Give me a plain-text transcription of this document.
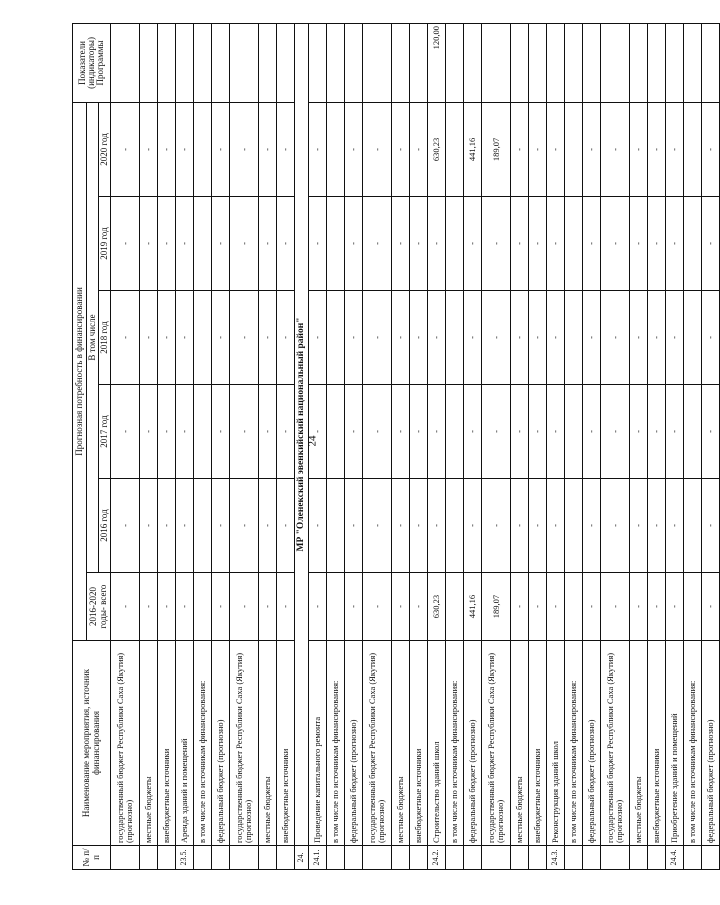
24
№ п/п	Наименование мероприятия, источник финансирования	Прогнозная потребность в финансировании						Показатели (индикаторы) Программы

		2016-2020 годы- всего	В том числе					
			2016 год	2017 год	2018 год	2019 год	2020 год	
	государственный бюджет Республики Саха (Якутия) (прогнозно)	-	-	-	-	-	-	
	местные бюджеты	-	-	-	-	-	-	
	внебюджетные источники	-	-	-	-	-	-	
23.5.	Аренда зданий и помещений	-	-	-	-	-	-	
	в том числе по источникам финансирования:							
	федеральный бюджет (прогнозно)	-	-	-	-	-	-	
	государственный бюджет Республики Саха (Якутия) (прогнозно)	-	-	-	-	-	-	
	местные бюджеты	-	-	-	-	-	-	
	внебюджетные источники	-	-	-	-	-	-	
24.	МР "Оленекский эвенкийский национальный район"							
24.1.	Проведение капитального ремонта	-	-	-	-	-	-	
	в том числе по источникам финансирования:							
	федеральный бюджет (прогнозно)	-	-	-	-	-	-	
	государственный бюджет Республики Саха (Якутия) (прогнозно)	-	-	-	-	-	-	
	местные бюджеты	-	-	-	-	-	-	
	внебюджетные источники	-	-	-	-	-	-	
24.2.	Строительство зданий школ	630,23	-	-	-	-	630,23	120,00
	в том числе по источникам финансирования:							
	федеральный бюджет (прогнозно)	441,16	-	-	-	-	441,16	
	государственный бюджет Республики Саха (Якутия) (прогнозно)	189,07	-	-	-	-	189,07	
	местные бюджеты	-	-	-	-	-	-	
	внебюджетные источники	-	-	-	-	-	-	
24.3.	Реконструкция зданий школ	-	-	-	-	-	-	
	в том числе по источникам финансирования:							
	федеральный бюджет (прогнозно)	-	-	-	-	-	-	
	государственный бюджет Республики Саха (Якутия) (прогнозно)	-	-	-	-	-	-	
	местные бюджеты	-	-	-	-	-	-	
	внебюджетные источники	-	-	-	-	-	-	
24.4.	Приобретение зданий и помещений	-	-	-	-	-	-	
	в том числе по источникам финансирования:							
	федеральный бюджет (прогнозно)	-	-	-	-	-	-	
